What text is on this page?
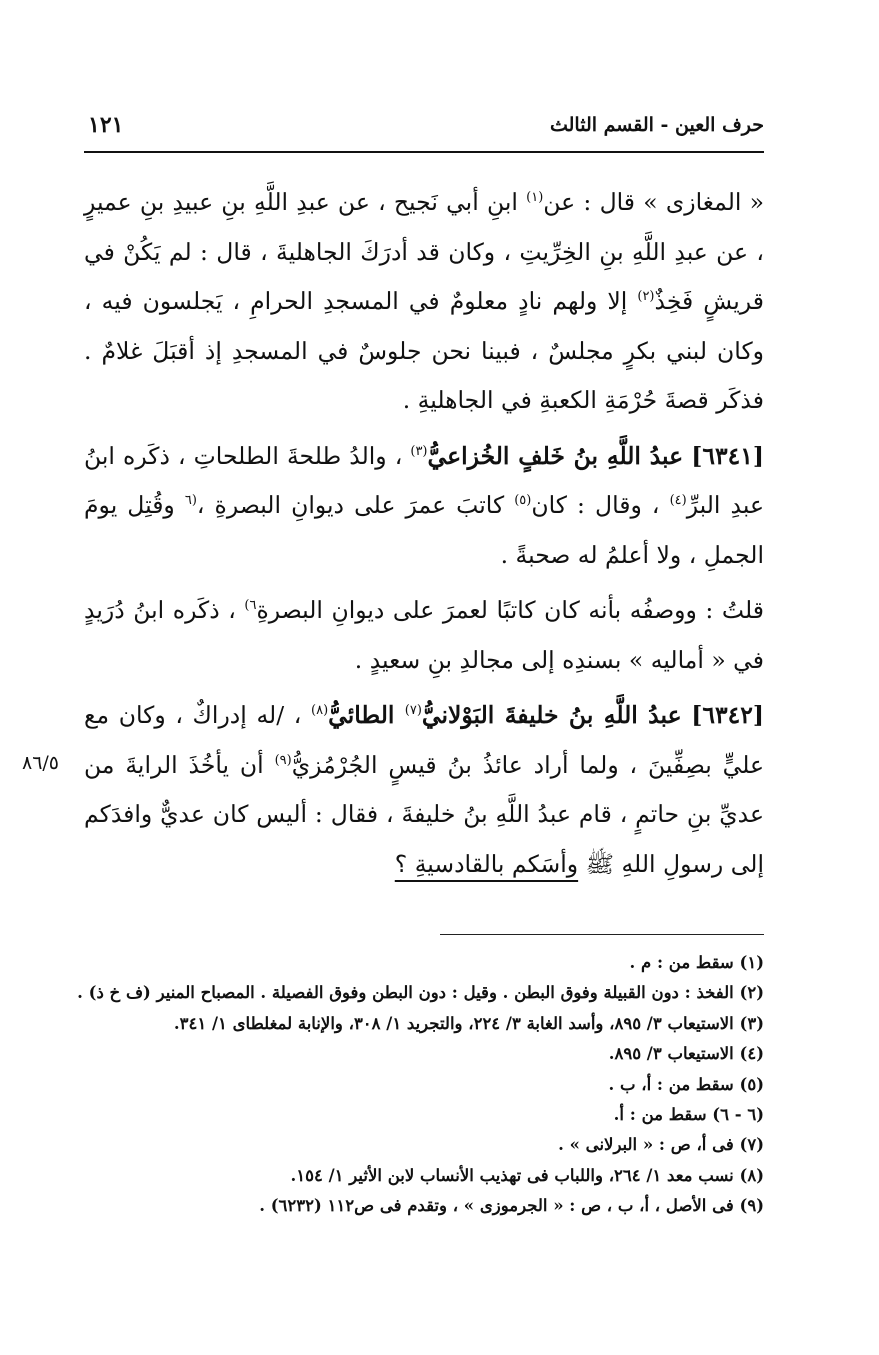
حرف العين - القسم الثالث
١٢١

« المغازى » قال : عن$^{(١)}$ ابنِ أبي نَجيح ، عن عبدِ اللَّهِ بنِ عبيدِ بنِ عميرٍ ، عن عبدِ اللَّهِ بنِ الخِرِّيتِ ، وكان قد أدرَكَ الجاهليةَ ، قال : لم يَكُنْ في قريشٍ فَخِذٌ$^{(٢)}$ إلا ولهم نادٍ معلومٌ في المسجدِ الحرامِ ، يَجلسون فيه ، وكان لبني بكرٍ مجلسٌ ، فبينا نحن جلوسٌ في المسجدِ إذ أقبَلَ غلامٌ . فذكَر قصةَ حُرْمَةِ الكعبةِ في الجاهليةِ .

[٦٣٤١] عبدُ اللَّهِ بنُ خَلفٍ الخُزاعيُّ$^{(٣)}$ ، والدُ طلحةَ الطلحاتِ ، ذكَره ابنُ عبدِ البرِّ$^{(٤)}$ ، وقال : كان$^{(٥)}$ كاتبَ عمرَ على ديوانِ البصرةِ ،$^{(٦}$ وقُتِل يومَ الجملِ ، ولا أعلمُ له صحبةً .

قلتُ : ووصفُه بأنه كان كاتبًا لعمرَ على ديوانِ البصرةِ$^{٦)}$ ، ذكَره ابنُ دُرَيدٍ في « أماليه » بسندِه إلى مجالدِ بنِ سعيدٍ .

[٦٣٤٢] عبدُ اللَّهِ بنُ خليفةَ البَوْلانيُّ$^{(٧)}$ الطائيُّ$^{(٨)}$ ، /له إدراكٌ ، وكان مع عليٍّ بصِفِّينَ ، ولما أراد عائذُ بنُ قيسٍ الجُرْمُزيُّ$^{(٩)}$ أن يأخُذَ الرايةَ من عديِّ بنِ حاتمٍ ، قام عبدُ اللَّهِ بنُ خليفةَ ، فقال : أليس كان عديٌّ وافدَكم إلى رسولِ اللهِ ﷺ وأسَكم بالقادسيةِ ؟

٨٦/٥
(١) سقط من : م .
(٢) الفخذ : دون القبيلة وفوق البطن . وقيل : دون البطن وفوق الفصيلة . المصباح المنير (ف خ ذ) .
(٣) الاستيعاب ٣/ ٨٩٥، وأسد الغابة ٣/ ٢٢٤، والتجريد ١/ ٣٠٨، والإنابة لمغلطاى ١/ ٣٤١.
(٤) الاستيعاب ٣/ ٨٩٥.
(٥) سقط من : أ، ب .
(٦ - ٦) سقط من : أ.
(٧) فى أ، ص : « البرلانى » .
(٨) نسب معد ١/ ٢٦٤، واللباب فى تهذيب الأنساب لابن الأثير ١/ ١٥٤.
(٩) فى الأصل ، أ، ب ، ص : « الجرموزى » ، وتقدم فى ص١١٢ (٦٢٣٢) .
